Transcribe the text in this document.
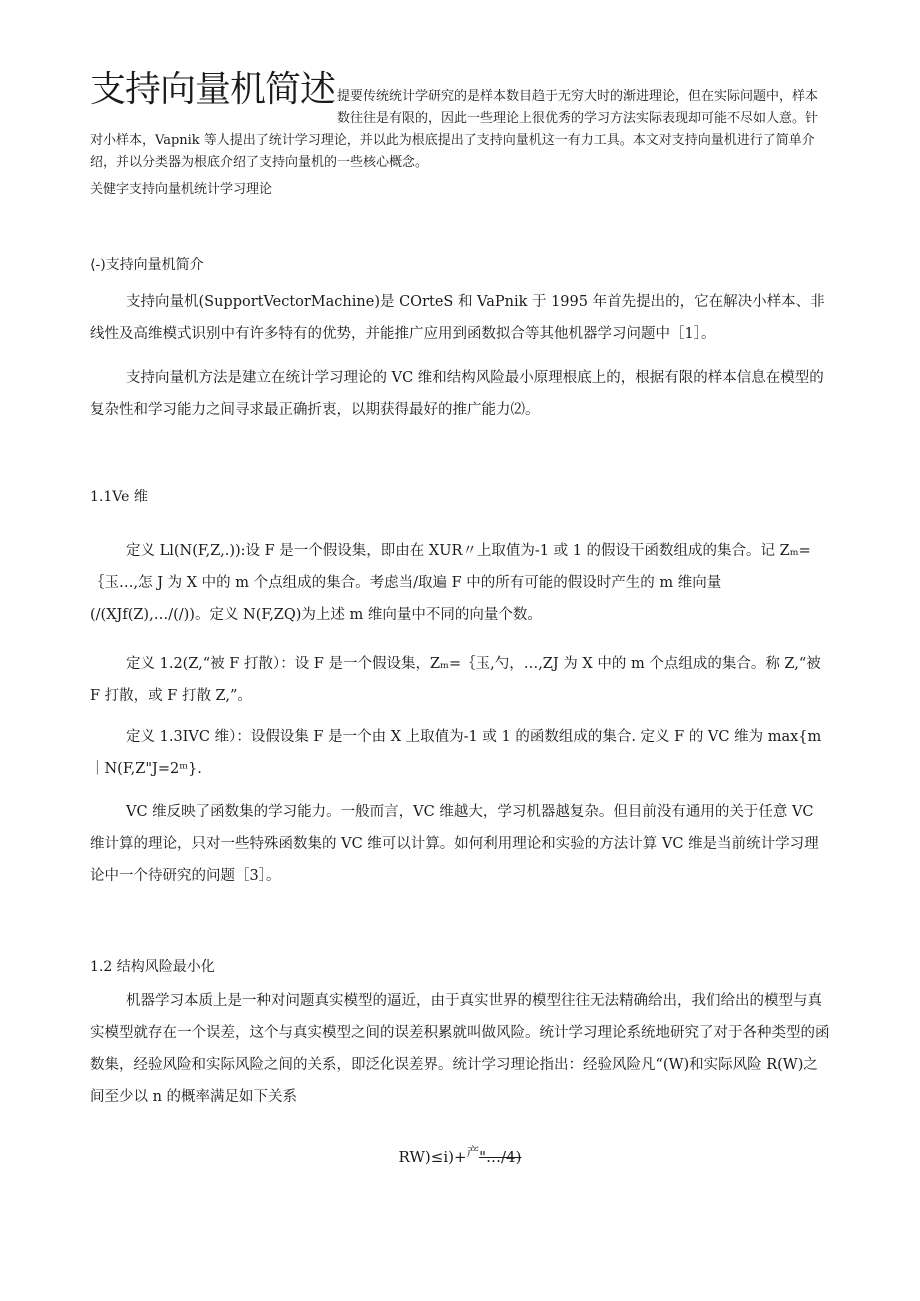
支持向量机简述 提要传统统计学研究的是样本数目趋于无穷大时的渐进理论，但在实际问题中，样本数往往是有限的，因此一些理论上很优秀的学习方法实际表现却可能不尽如人意。针对小样本，Vapnik 等人提出了统计学习理论，并以此为根底提出了支持向量机这一有力工具。本文对支持向量机进行了简单介绍，并以分类器为根底介绍了支持向量机的一些核心概念。
关健字支持向量机统计学习理论
⟨-)支持向量机简介
支持向量机(SupportVectorMachine)是 COrteS 和 VaPnik 于 1995 年首先提出的，它在解决小样本、非线性及高维模式识别中有许多特有的优势，并能推广应用到函数拟合等其他机器学习问题中［1］。
支持向量机方法是建立在统计学习理论的 VC 维和结构风险最小原理根底上的，根据有限的样本信息在模型的复杂性和学习能力之间寻求最正确折衷，以期获得最好的推广能力⑵。
1.1Ve 维
定义 Ll(N(F,Z,.)):设 F 是一个假设集，即由在 XUR〃上取值为-1 或 1 的假设干函数组成的集合。记 Zₘ=｛玉…,怎 J 为 X 中的 m 个点组成的集合。考虑当/取遍 F 中的所有可能的假设时产生的 m 维向量(/(XJf(Z),…/(/))。定义 N(F,ZQ)为上述 m 维向量中不同的向量个数。
定义 1.2(Z,“被 F 打散）：设 F 是一个假设集，Zₘ=｛玉,勺，…,ZJ 为 X 中的 m 个点组成的集合。称 Z,“被 F 打散，或 F 打散 Z,”。
定义 1.3IVC 维）：设假设集 F 是一个由 X 上取值为-1 或 1 的函数组成的集合. 定义 F 的 VC 维为 max{m｜N(F,Z"J=2ᵐ}.
VC 维反映了函数集的学习能力。一般而言，VC 维越大，学习机器越复杂。但目前没有通用的关于任意 VC 维计算的理论，只对一些特殊函数集的 VC 维可以计算。如何利用理论和实验的方法计算 VC 维是当前统计学习理论中一个待研究的问题［3］。
1.2 结构风险最小化
机器学习本质上是一种对问题真实模型的逼近，由于真实世界的模型往往无法精确给出，我们给出的模型与真实模型就存在一个误差，这个与真实模型之间的误差积累就叫做风险。统计学习理论系统地研究了对于各种类型的函数集，经验风险和实际风险之间的关系，即泛化误差界。统计学习理论指出：经验风险凡“(W)和实际风险 R(W)之间至少以 n 的概率满足如下关系
RW)≤i)+$^产$"…/4)
